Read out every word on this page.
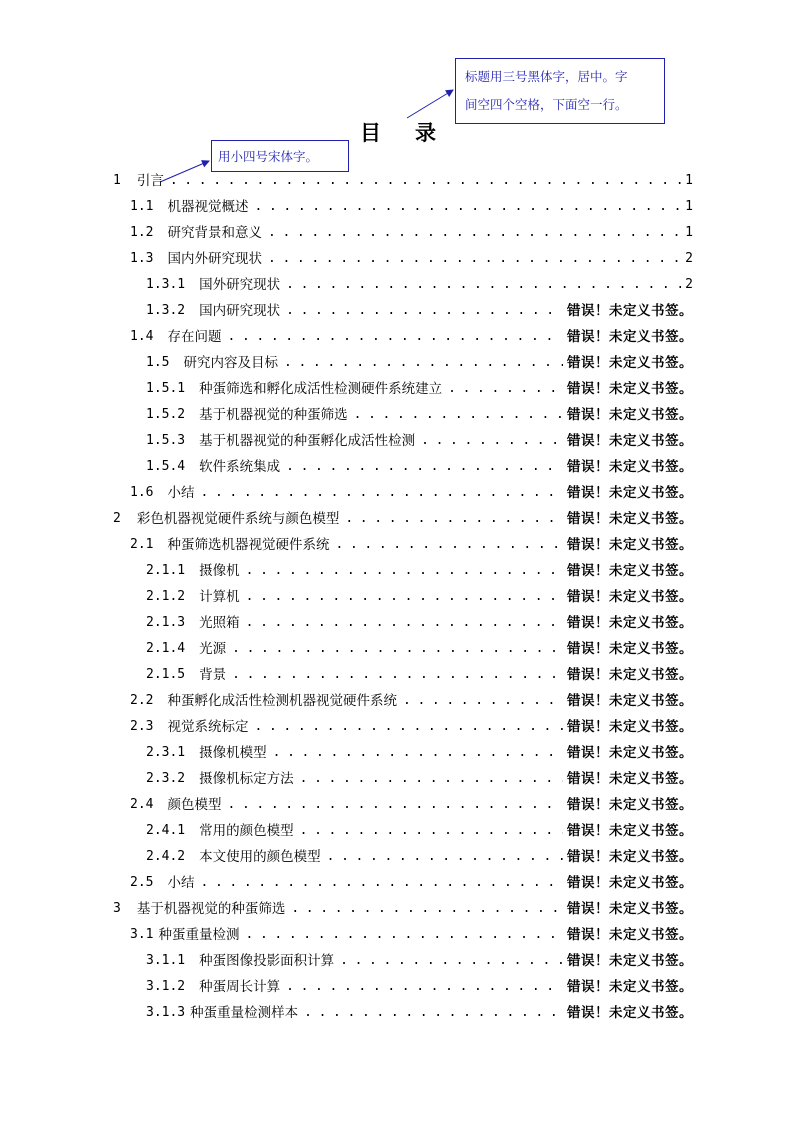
目 录
标题用三号黑体字，居中。字
间空四个空格，下面空一行。
用小四号宋体字。
1 引言 . . .	1
1.1 机器视觉概述 . . .	1
1.2 研究背景和意义 . . .	1
1.3 国内外研究现状 . . .	2
1.3.1 国外研究现状 . . .	2
1.3.2 国内研究现状 . . .	错误！未定义书签。
1.4 存在问题 . . .	错误！未定义书签。
1.5 研究内容及目标 . . .	错误！未定义书签。
1.5.1 种蛋筛选和孵化成活性检测硬件系统建立 . . .	错误！未定义书签。
1.5.2 基于机器视觉的种蛋筛选 . . .	错误！未定义书签。
1.5.3 基于机器视觉的种蛋孵化成活性检测 . . .	错误！未定义书签。
1.5.4 软件系统集成 . . .	错误！未定义书签。
1.6 小结 . . .	错误！未定义书签。
2 彩色机器视觉硬件系统与颜色模型 . . .	错误！未定义书签。
2.1 种蛋筛选机器视觉硬件系统 . . .	错误！未定义书签。
2.1.1 摄像机 . . .	错误！未定义书签。
2.1.2 计算机 . . .	错误！未定义书签。
2.1.3 光照箱 . . .	错误！未定义书签。
2.1.4 光源 . . .	错误！未定义书签。
2.1.5 背景 . . .	错误！未定义书签。
2.2 种蛋孵化成活性检测机器视觉硬件系统 . . .	错误！未定义书签。
2.3 视觉系统标定 . . .	错误！未定义书签。
2.3.1 摄像机模型 . . .	错误！未定义书签。
2.3.2 摄像机标定方法 . . .	错误！未定义书签。
2.4 颜色模型 . . .	错误！未定义书签。
2.4.1 常用的颜色模型 . . .	错误！未定义书签。
2.4.2 本文使用的颜色模型 . . .	错误！未定义书签。
2.5 小结 . . .	错误！未定义书签。
3 基于机器视觉的种蛋筛选 . . .	错误！未定义书签。
3.1 种蛋重量检测 . . .	错误！未定义书签。
3.1.1 种蛋图像投影面积计算 . . .	错误！未定义书签。
3.1.2 种蛋周长计算 . . .	错误！未定义书签。
3.1.3 种蛋重量检测样本 . . .	错误！未定义书签。
